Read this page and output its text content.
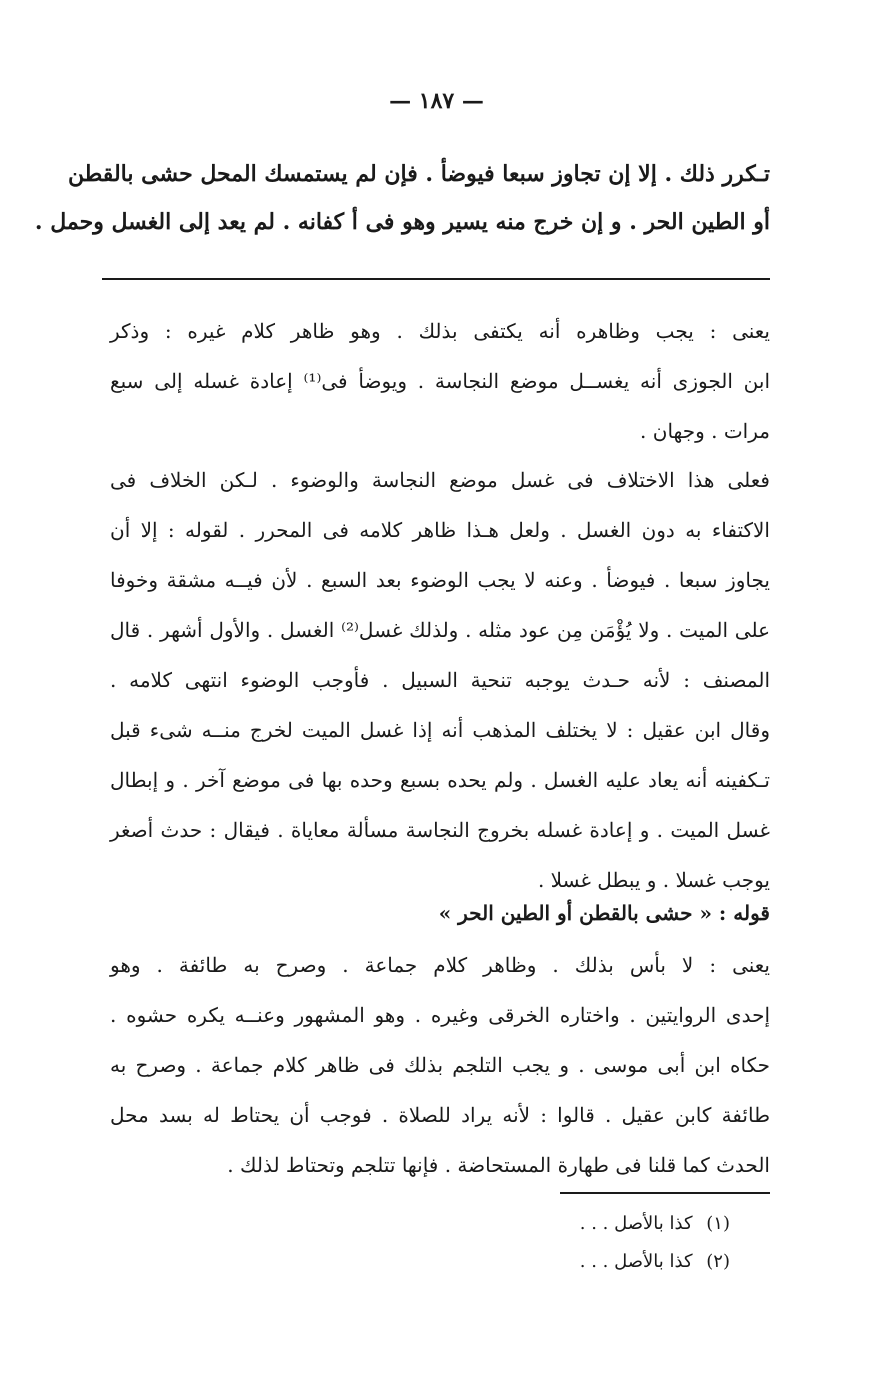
— ١٨٧ —
تـكرر ذلك . إلا إن تجاوز سبعا فيوضأ . فإن لم يستمسك المحل حشى بالقطن
أو الطين الحر . و إن خرج منه يسير وهو فى أ كفانه . لم يعد إلى الغسل وحمل .
يعنى : يجب وظاهره أنه يكتفى بذلك . وهو ظاهر كلام غيره : وذكر
ابن الجوزى أنه يغســل موضع النجاسة . ويوضأ فى⁽¹⁾ إعادة غسله إلى سبع
مرات . وجهان .
فعلى هذا الاختلاف فى غسل موضع النجاسة والوضوء . لـكن الخلاف فى
الاكتفاء به دون الغسل . ولعل هـذا ظاهر كلامه فى المحرر . لقوله : إلا أن
يجاوز سبعا . فيوضأ . وعنه لا يجب الوضوء بعد السبع . لأن فيــه مشقة وخوفا
على الميت . ولا يُؤْمَن مِن عود مثله . ولذلك غسل⁽²⁾ الغسل . والأول أشهر . قال
المصنف : لأنه حـدث يوجبه تنحية السبيل . فأوجب الوضوء انتهى كلامه .
وقال ابن عقيل : لا يختلف المذهب أنه إذا غسل الميت لخرج منــه شىء قبل
تـكفينه أنه يعاد عليه الغسل . ولم يحده بسبع وحده بها فى موضع آخر . و إبطال
غسل الميت . و إعادة غسله بخروج النجاسة مسألة معاياة . فيقال : حدث أصغر
يوجب غسلا . و يبطل غسلا .
قوله : « حشى بالقطن أو الطين الحر »
يعنى : لا بأس بذلك . وظاهر كلام جماعة . وصرح به طائفة . وهو
إحدى الروايتين . واختاره الخرقى وغيره . وهو المشهور وعنــه يكره حشوه .
حكاه ابن أبى موسى . و يجب التلجم بذلك فى ظاهر كلام جماعة . وصرح به
طائفة كابن عقيل . قالوا : لأنه يراد للصلاة . فوجب أن يحتاط له بسد محل
الحدث كما قلنا فى طهارة المستحاضة . فإنها تتلجم وتحتاط لذلك .
(١) كذا بالأصل . . .
(٢) كذا بالأصل . . .
